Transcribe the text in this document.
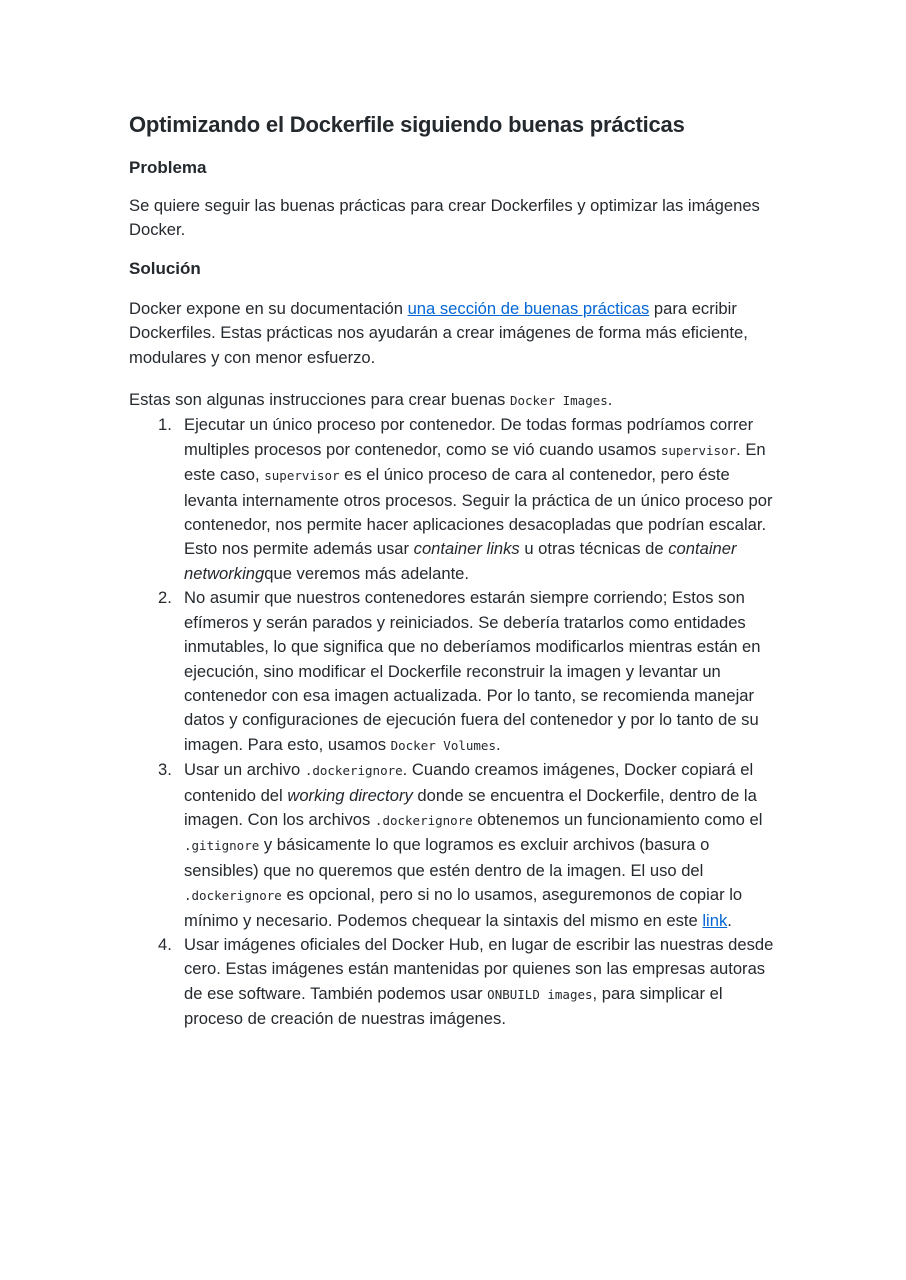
Optimizando el Dockerfile siguiendo buenas prácticas
Problema

Se quiere seguir las buenas prácticas para crear Dockerfiles y optimizar las imágenes Docker.

Solución

Docker expone en su documentación una sección de buenas prácticas para ecribir Dockerfiles. Estas prácticas nos ayudarán a crear imágenes de forma más eficiente, modulares y con menor esfuerzo.

Estas son algunas instrucciones para crear buenas Docker Images.

1. Ejecutar un único proceso por contenedor. De todas formas podríamos correr multiples procesos por contenedor, como se vió cuando usamos supervisor. En este caso, supervisor es el único proceso de cara al contenedor, pero éste levanta internamente otros procesos. Seguir la práctica de un único proceso por contenedor, nos permite hacer aplicaciones desacopladas que podrían escalar. Esto nos permite además usar container links u otras técnicas de container networkingque veremos más adelante.
2. No asumir que nuestros contenedores estarán siempre corriendo; Estos son efímeros y serán parados y reiniciados. Se debería tratarlos como entidades inmutables, lo que significa que no deberíamos modificarlos mientras están en ejecución, sino modificar el Dockerfile reconstruir la imagen y levantar un contenedor con esa imagen actualizada. Por lo tanto, se recomienda manejar datos y configuraciones de ejecución fuera del contenedor y por lo tanto de su imagen. Para esto, usamos Docker Volumes.
3. Usar un archivo .dockerignore. Cuando creamos imágenes, Docker copiará el contenido del working directory donde se encuentra el Dockerfile, dentro de la imagen. Con los archivos .dockerignore obtenemos un funcionamiento como el .gitignore y básicamente lo que logramos es excluir archivos (basura o sensibles) que no queremos que estén dentro de la imagen. El uso del .dockerignore es opcional, pero si no lo usamos, aseguremonos de copiar lo mínimo y necesario. Podemos chequear la sintaxis del mismo en este link.
4. Usar imágenes oficiales del Docker Hub, en lugar de escribir las nuestras desde cero. Estas imágenes están mantenidas por quienes son las empresas autoras de ese software. También podemos usar ONBUILD images, para simplicar el proceso de creación de nuestras imágenes.
